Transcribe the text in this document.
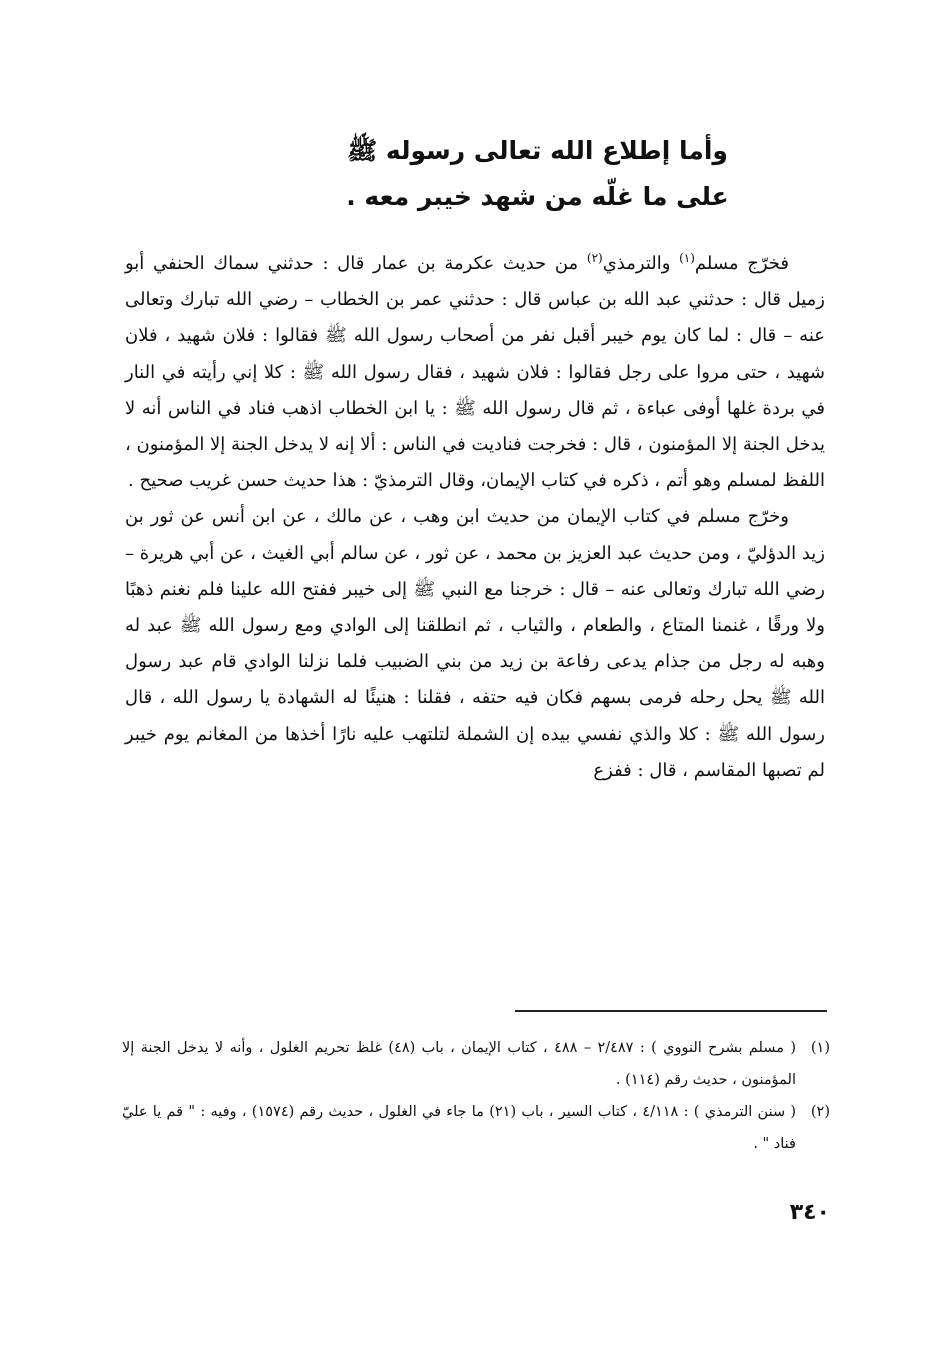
وأما إطلاع الله تعالى رسوله ﷺ
على ما غلّه من شهد خيبر معه .

فخرّج مسلم$^{(١)}$ والترمذي$^{(٢)}$ من حديث عكرمة بن عمار قال : حدثني سماك الحنفي أبو زميل قال : حدثني عبد الله بن عباس قال : حدثني عمر بن الخطاب – رضي الله تبارك وتعالى عنه – قال : لما كان يوم خيبر أقبل نفر من أصحاب رسول الله ﷺ فقالوا : فلان شهيد ، فلان شهيد ، حتى مروا على رجل فقالوا : فلان شهيد ، فقال رسول الله ﷺ : كلا إني رأيته في النار في بردة غلها أوفى عباءة ، ثم قال رسول الله ﷺ : يا ابن الخطاب اذهب فناد في الناس أنه لا يدخل الجنة إلا المؤمنون ، قال : فخرجت فناديت في الناس : ألا إنه لا يدخل الجنة إلا المؤمنون ، اللفظ لمسلم وهو أتم ، ذكره في كتاب الإيمان، وقال الترمذيّ : هذا حديث حسن غريب صحيح .

وخرّج مسلم في كتاب الإيمان من حديث ابن وهب ، عن مالك ، عن ابن أنس عن ثور بن زيد الدؤليّ ، ومن حديث عبد العزيز بن محمد ، عن ثور ، عن سالم أبي الغيث ، عن أبي هريرة – رضي الله تبارك وتعالى عنه – قال : خرجنا مع النبي ﷺ إلى خيبر ففتح الله علينا فلم نغنم ذهبًا ولا ورقًا ، غنمنا المتاع ، والطعام ، والثياب ، ثم انطلقنا إلى الوادي ومع رسول الله ﷺ عبد له وهبه له رجل من جذام يدعى رفاعة بن زيد من بني الضبيب فلما نزلنا الوادي قام عبد رسول الله ﷺ يحل رحله فرمى بسهم فكان فيه حتفه ، فقلنا : هنيئًا له الشهادة يا رسول الله ، قال رسول الله ﷺ : كلا والذي نفسي بيده إن الشملة لتلتهب عليه نارًا أخذها من المغانم يوم خيبر لم تصبها المقاسم ، قال : ففزع

(١)
( مسلم بشرح النووي ) : ٢/٤٨٧ – ٤٨٨ ، كتاب الإيمان ، باب (٤٨) غلظ تحريم الغلول ، وأنه لا يدخل الجنة إلا المؤمنون ، حديث رقم (١١٤) .

(٢)
( سنن الترمذي ) : ٤/١١٨ ، كتاب السير ، باب (٢١) ما جاء في الغلول ، حديث رقم (١٥٧٤) ، وفيه : " قم يا عليّ فناد " .

٣٤٠
